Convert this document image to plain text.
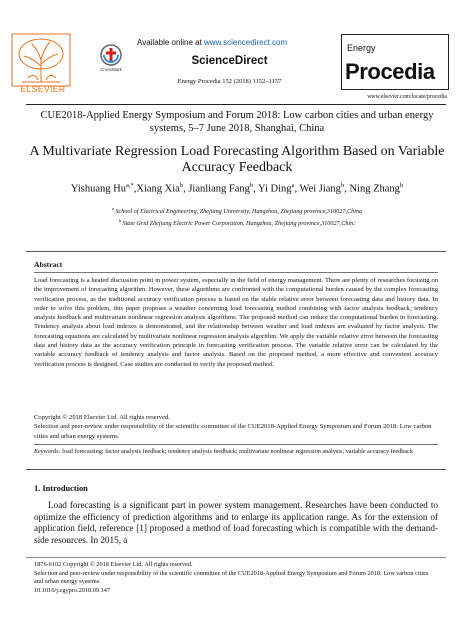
ELSEVIER
CrossMark
Available online at www.sciencedirect.com
ScienceDirect
Energy Procedia 152 (2018) 1152–1157
Energy
Procedia
www.elsevier.com/locate/procedia
CUE2018-Applied Energy Symposium and Forum 2018: Low carbon cities and urban energy systems, 5–7 June 2018, Shanghai, China
A Multivariate Regression Load Forecasting Algorithm Based on Variable Accuracy Feedback
Yishuang $Hu^{a,*},Xiang$ Xia$^b$, Jianliang Fang$^b$, Yi Ding$^a$, Wei Jiang$^b$, Ning Zhang$^b$
$^a$ School of Electrical Engineering, Zhejiang University, Hangzhou, Zhejiang province,310027,China
$^b$ State Grid Zhejiang Electric Power Corporation, Hangzhou, Zhejiang province,310027,Chin;
Abstract
Load forecasting is a heated discussion point in power system, especially in the field of energy management. There are plenty of researches focusing on the improvement of forecasting algorithm. However, these algorithms are confronted with the computational burden caused by the complex forecasting verification process, as the traditional accuracy verification process is based on the stable relative error between forecasting data and history data. In order to solve this problem, this paper proposes a weather concerning load forecasting method combining with factor analysis feedback, tendency analysis feedback and multivariate nonlinear regression analysis algorithms. The proposed method can reduce the computational burden in forecasting. Tendency analysis about load indexes is demonstrated, and the relationship between weather and load indexes are evaluated by factor analysis. The forecasting equations are calculated by multivariate nonlinear regression analysis algorithm. We apply the variable relative error between the forecasting data and history data as the accuracy verification principle in forecasting verification process. The variable relative error can be calculated by the variable accuracy feedback of tendency analysis and factor analysis. Based on the proposed method, a more effective and convenient accuracy verification process is designed. Case studies are conducted to verify the proposed method.
Copyright © 2018 Elsevier Ltd. All rights reserved.
Selection and peer-review under responsibility of the scientific committee of the CUE2018-Applied Energy Symposium and Forum 2018: Low carbon cities and urban energy systems.
Keywords: load forecasting; factor analysis feedback; tendency analysis feedback; multivariate nonlinear regression analysis; variable accuracy feedback
1. Introduction
Load forecasting is a significant part in power system management. Researches have been conducted to optimize the efficiency of prediction algorithms and to enlarge its application range. As for the extension of application field, reference [1] proposed a method of load forecasting which is compatible with the demand-side resources. In 2015, a
1876-6102 Copyright © 2018 Elsevier Ltd. All rights reserved.
Selection and peer-review under responsibility of the scientific committee of the CUE2018-Applied Energy Symposium and Forum 2018: Low carbon cities and urban energy systems.
10.1016/j.egypro.2018.09.147
